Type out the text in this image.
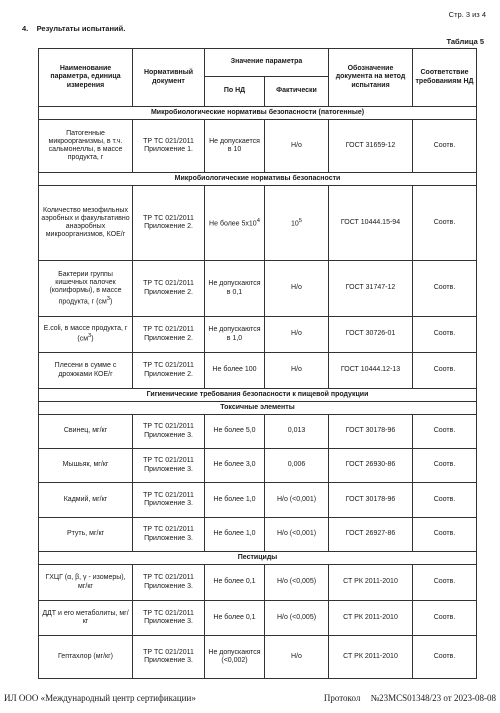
Стр. 3 из 4
4.    Результаты испытаний.
Таблица 5
Наименование параметра, единица измерения	Нормативный документ	Значение параметра		Обозначение документа на метод испытания	Соответствие требованиям НД
		По НД	Фактически		
Микробиологические нормативы безопасности (патогенные)					
Патогенные микроорганизмы, в т.ч. сальмонеллы, в массе продукта, г	ТР ТС 021/2011 Приложение 1.	Не допускается в 10	Н/о	ГОСТ 31659-12	Соотв.
Микробиологические нормативы безопасности					
Количество мезофильных аэробных и факультативно анаэробных микроорганизмов, КОЕ/г	ТР ТС 021/2011 Приложение 2.	Не более $5x10^4$	$10^5$	ГОСТ 10444.15-94	Соотв.
Бактерии группы кишечных палочек (колиформы), в массе продукта, г $(см^3)$	ТР ТС 021/2011 Приложение 2.	Не допускаются в 0,1	Н/о	ГОСТ 31747-12	Соотв.
E.coli, в массе продукта, г $(см^3)$	ТР ТС 021/2011 Приложение 2.	Не допускаются в 1,0	Н/о	ГОСТ 30726-01	Соотв.
Плесени в сумме с дрожжами КОЕ/г	ТР ТС 021/2011 Приложение 2.	Не более 100	Н/о	ГОСТ 10444.12-13	Соотв.
Гигиенические требования безопасности к пищевой продукции					
Токсичные элементы					
Свинец, мг/кг	ТР ТС 021/2011 Приложение 3.	Не более 5,0	0,013	ГОСТ 30178-96	Соотв.
Мышьяк, мг/кг	ТР ТС 021/2011 Приложение 3.	Не более 3,0	0,006	ГОСТ 26930-86	Соотв.
Кадмий, мг/кг	ТР ТС 021/2011 Приложение 3.	Не более 1,0	Н/о (<0,001)	ГОСТ 30178-96	Соотв.
Ртуть, мг/кг	ТР ТС 021/2011 Приложение 3.	Не более 1,0	Н/о (<0,001)	ГОСТ 26927-86	Соотв.
Пестициды					
ГХЦГ (α, β, γ - изомеры), мг/кг	ТР ТС 021/2011 Приложение 3.	Не более 0,1	Н/о (<0,005)	СТ РК 2011-2010	Соотв.
ДДТ и его метаболиты, мг/кг	ТР ТС 021/2011 Приложение 3.	Не более 0,1	Н/о (<0,005)	СТ РК 2011-2010	Соотв.
Гептахлор (мг/кг)	ТР ТС 021/2011 Приложение 3.	Не допускаются (<0,002)	Н/о	СТ РК 2011-2010	Соотв.
ИЛ ООО «Международный центр сертификации»	Протокол №23MCS01348/23 от 2023-08-08
